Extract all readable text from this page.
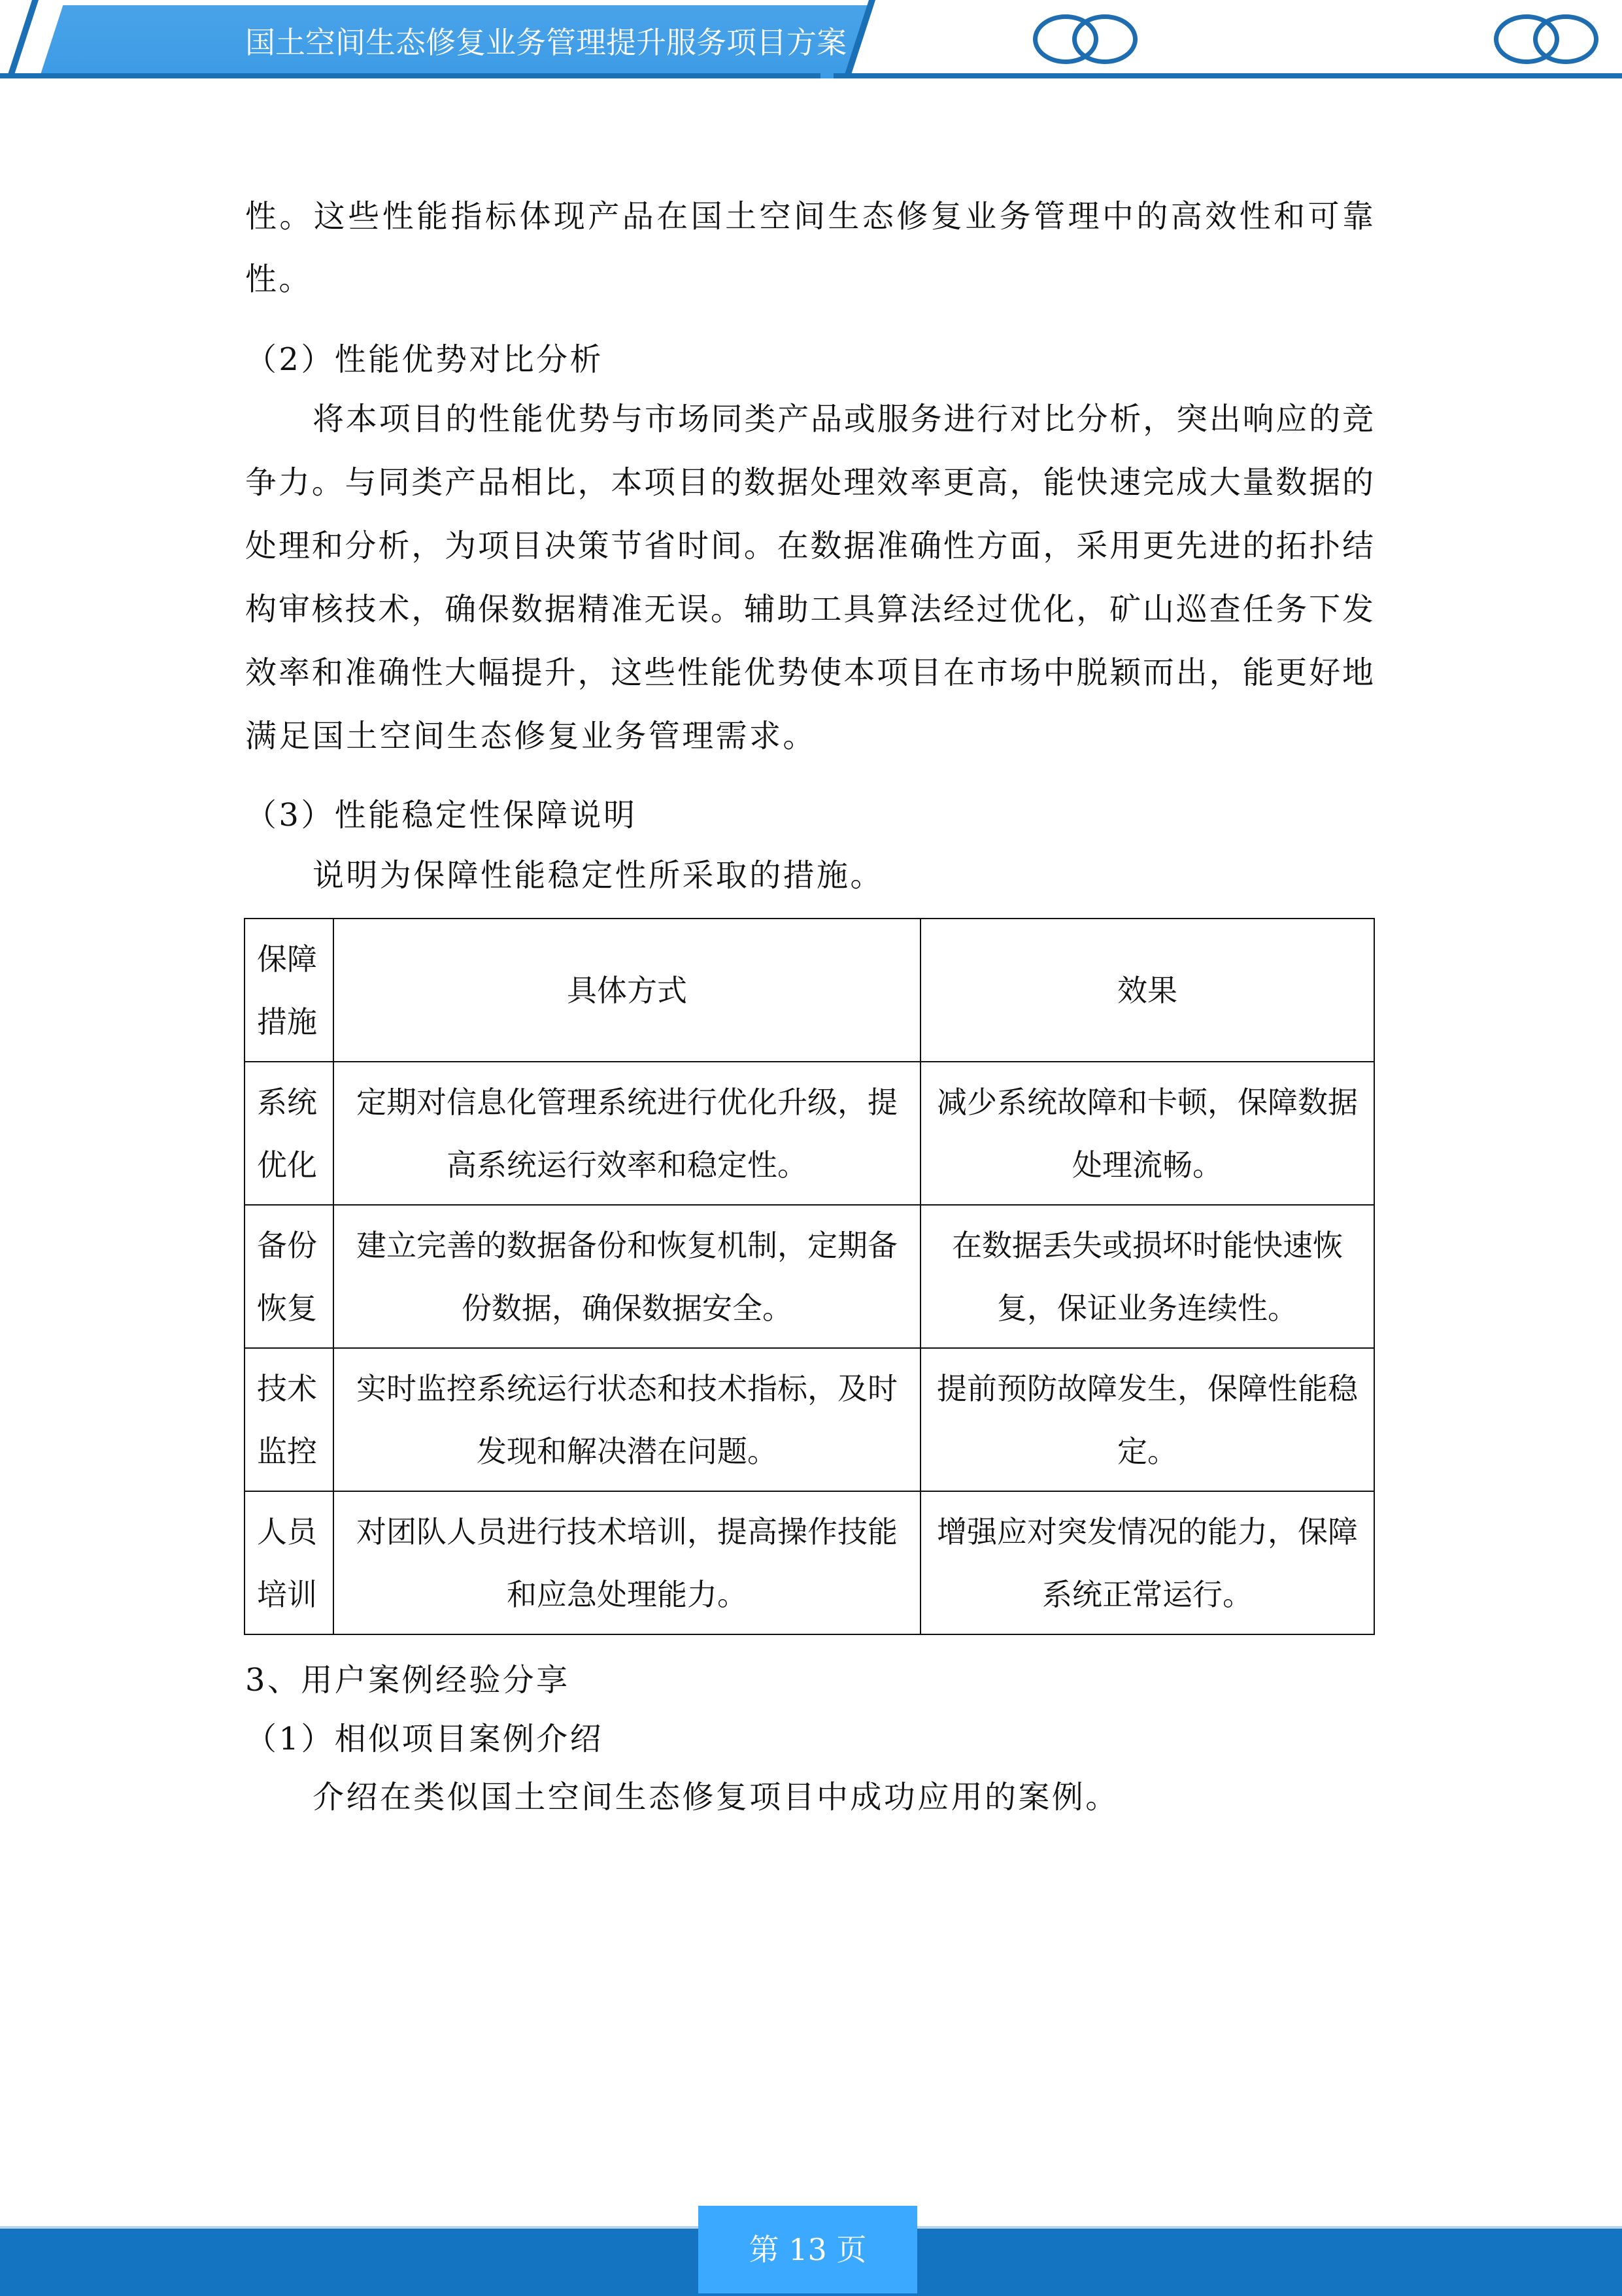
国土空间生态修复业务管理提升服务项目方案
性。这些性能指标体现产品在国土空间生态修复业务管理中的高效性和可靠
性。
（2）性能优势对比分析
将本项目的性能优势与市场同类产品或服务进行对比分析，突出响应的竞
争力。与同类产品相比，本项目的数据处理效率更高，能快速完成大量数据的
处理和分析，为项目决策节省时间。在数据准确性方面，采用更先进的拓扑结
构审核技术，确保数据精准无误。辅助工具算法经过优化，矿山巡查任务下发
效率和准确性大幅提升，这些性能优势使本项目在市场中脱颖而出，能更好地
满足国土空间生态修复业务管理需求。
（3）性能稳定性保障说明
说明为保障性能稳定性所采取的措施。
保障措施	具体方式	效果
系统优化	定期对信息化管理系统进行优化升级，提高系统运行效率和稳定性。	减少系统故障和卡顿，保障数据处理流畅。
备份恢复	建立完善的数据备份和恢复机制，定期备份数据，确保数据安全。	在数据丢失或损坏时能快速恢复，保证业务连续性。
技术监控	实时监控系统运行状态和技术指标，及时发现和解决潜在问题。	提前预防故障发生，保障性能稳定。
人员培训	对团队人员进行技术培训，提高操作技能和应急处理能力。	增强应对突发情况的能力，保障系统正常运行。
3、用户案例经验分享
（1）相似项目案例介绍
介绍在类似国土空间生态修复项目中成功应用的案例。
第 13 页
